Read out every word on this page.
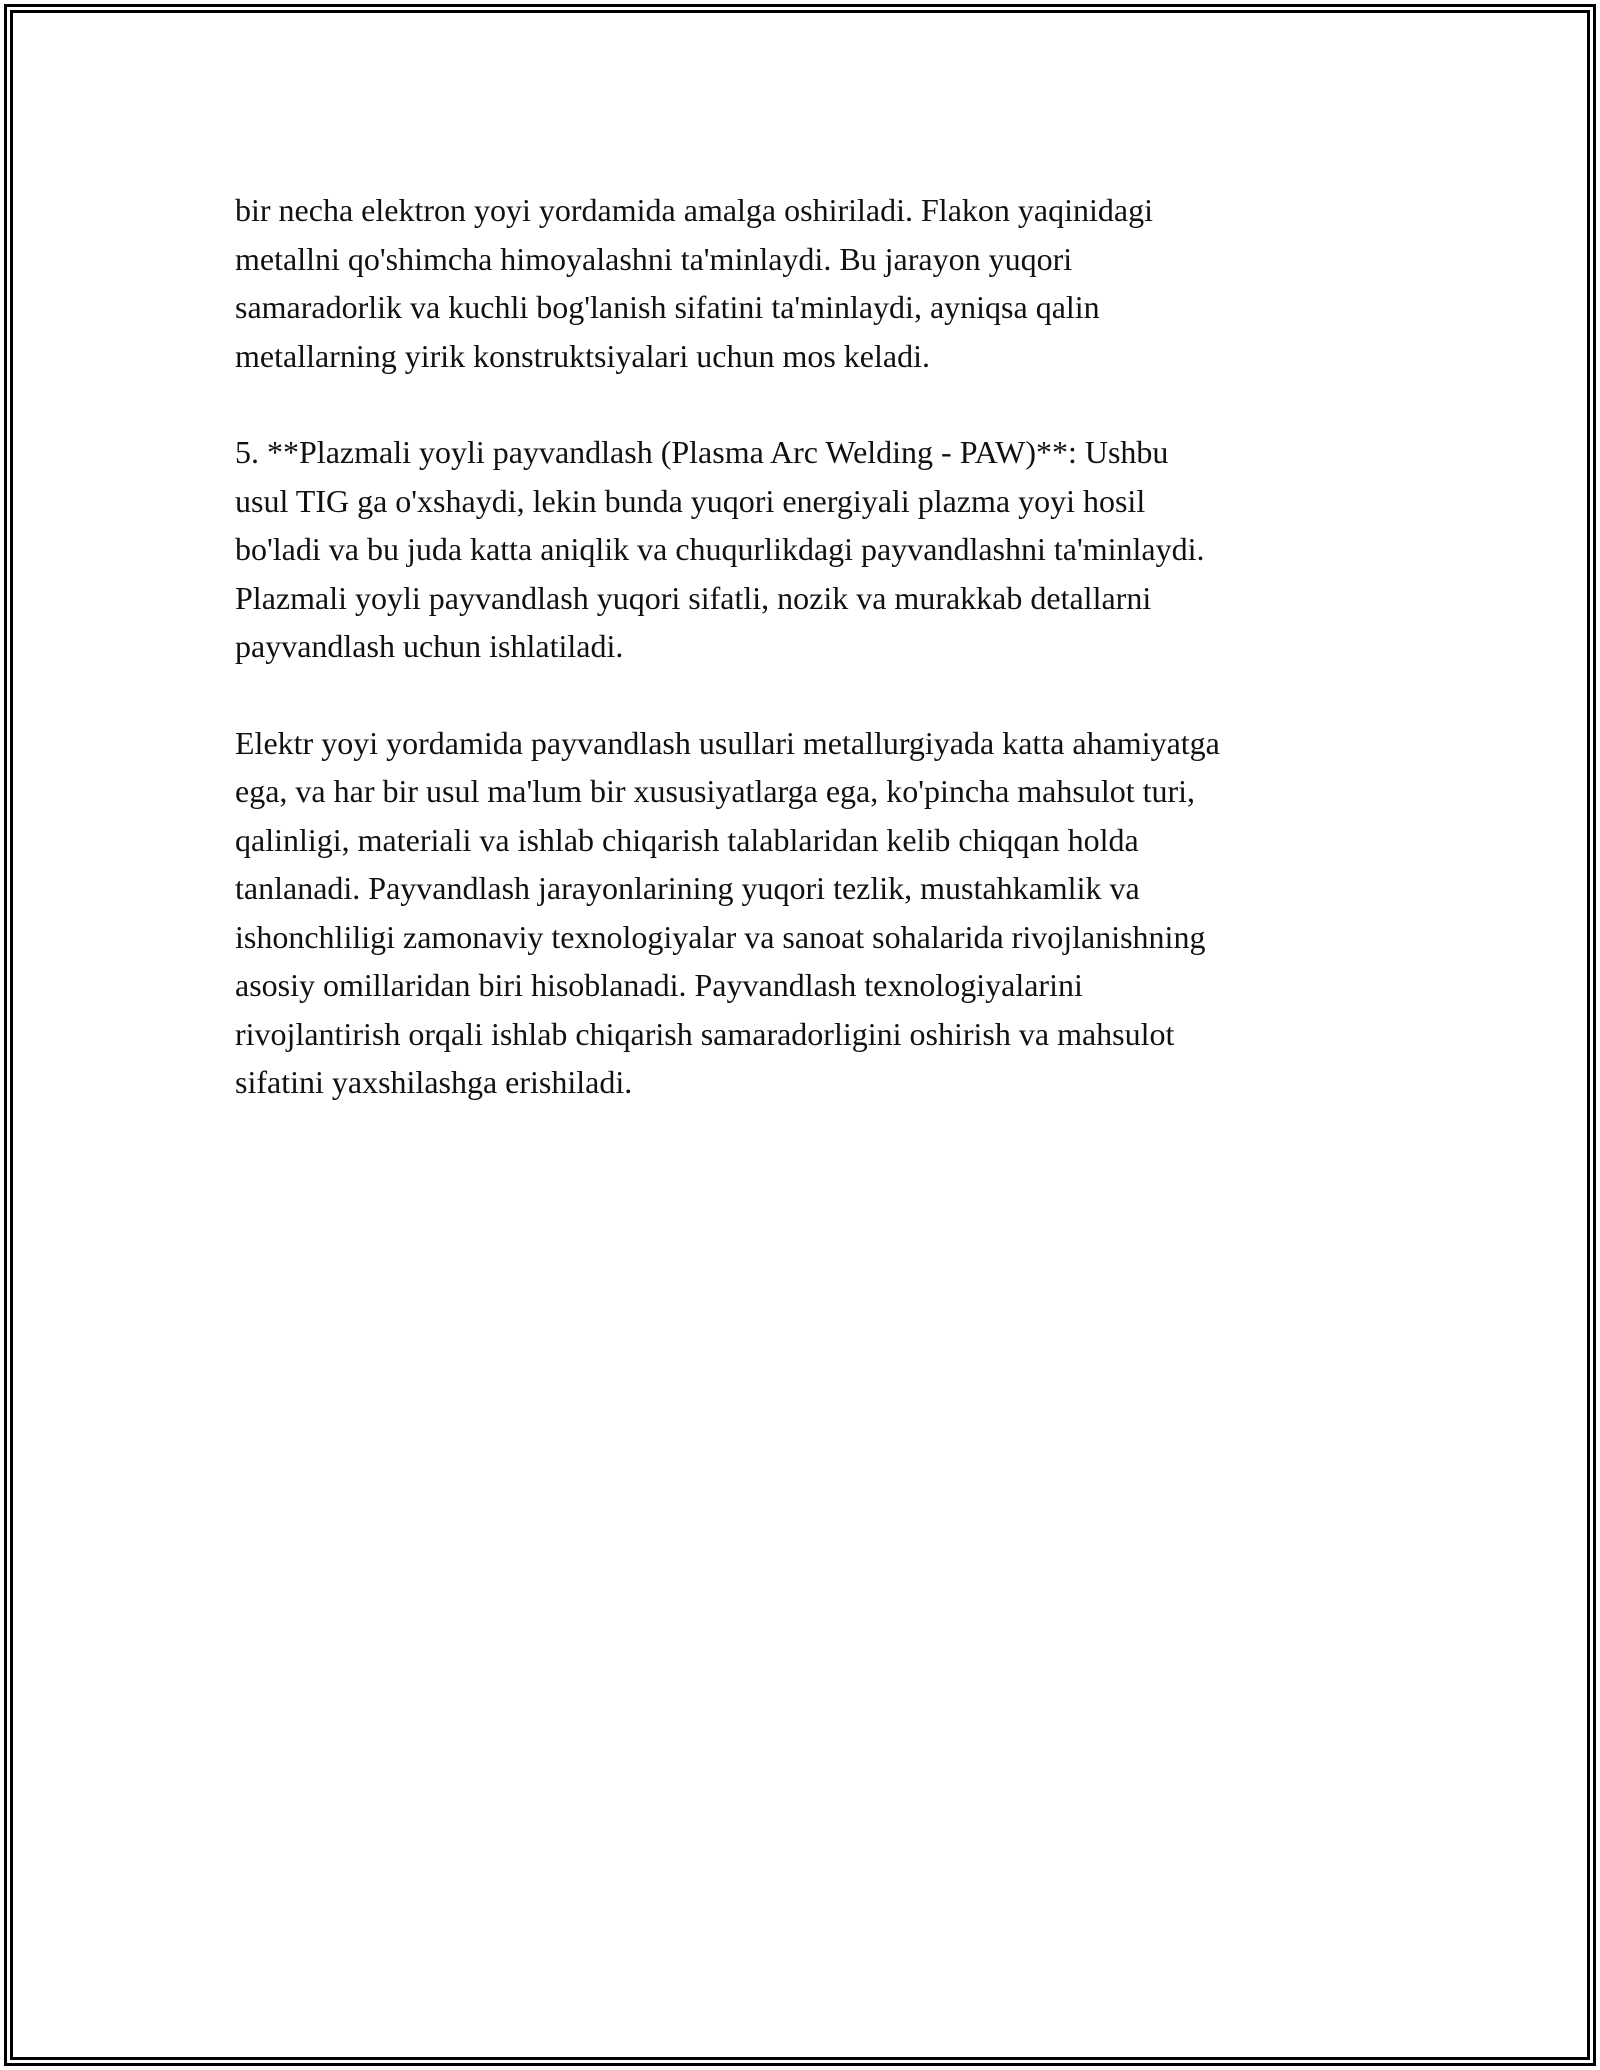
bir necha elektron yoyi yordamida amalga oshiriladi. Flakon yaqinidagi
metallni qo'shimcha himoyalashni ta'minlaydi. Bu jarayon yuqori
samaradorlik va kuchli bog'lanish sifatini ta'minlaydi, ayniqsa qalin
metallarning yirik konstruktsiyalari uchun mos keladi.

5. **Plazmali yoyli payvandlash (Plasma Arc Welding - PAW)**: Ushbu
usul TIG ga o'xshaydi, lekin bunda yuqori energiyali plazma yoyi hosil
bo'ladi va bu juda katta aniqlik va chuqurlikdagi payvandlashni ta'minlaydi.
Plazmali yoyli payvandlash yuqori sifatli, nozik va murakkab detallarni
payvandlash uchun ishlatiladi.

Elektr yoyi yordamida payvandlash usullari metallurgiyada katta ahamiyatga
ega, va har bir usul ma'lum bir xususiyatlarga ega, ko'pincha mahsulot turi,
qalinligi, materiali va ishlab chiqarish talablaridan kelib chiqqan holda
tanlanadi. Payvandlash jarayonlarining yuqori tezlik, mustahkamlik va
ishonchliligi zamonaviy texnologiyalar va sanoat sohalarida rivojlanishning
asosiy omillaridan biri hisoblanadi. Payvandlash texnologiyalarini
rivojlantirish orqali ishlab chiqarish samaradorligini oshirish va mahsulot
sifatini yaxshilashga erishiladi.
